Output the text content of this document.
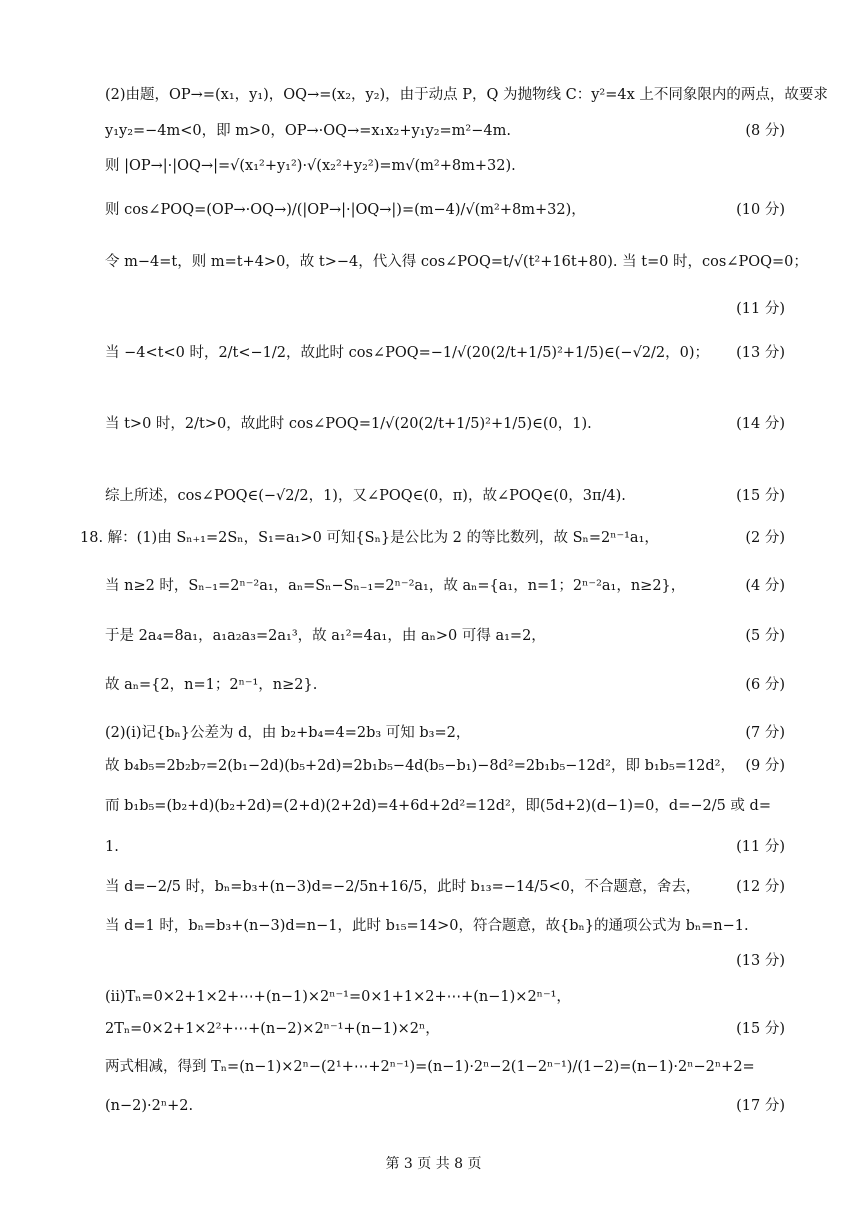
(2)由题，OP→=(x₁，y₁)，OQ→=(x₂，y₂)，由于动点 P，Q 为抛物线 C：y²=4x 上不同象限内的两点，故要求
y₁y₂=−4m<0，即 m>0，OP→·OQ→=x₁x₂+y₁y₂=m²−4m.	(8 分)
则 |OP→|·|OQ→|=√(x₁²+y₁²)·√(x₂²+y₂²)=m√(m²+8m+32).
则 cos∠POQ=(OP→·OQ→)/(|OP→|·|OQ→|)=(m−4)/√(m²+8m+32)，	(10 分)
令 m−4=t，则 m=t+4>0，故 t>−4，代入得 cos∠POQ=t/√(t²+16t+80). 当 t=0 时，cos∠POQ=0；
(11 分)
当 −4<t<0 时，2/t<−1/2，故此时 cos∠POQ=−1/√(20(2/t+1/5)²+1/5)∈(−√2/2，0)； (13 分)
当 t>0 时，2/t>0，故此时 cos∠POQ=1/√(20(2/t+1/5)²+1/5)∈(0，1).	(14 分)
综上所述，cos∠POQ∈(−√2/2，1)，又∠POQ∈(0，π)，故∠POQ∈(0，3π/4).	(15 分)
18. 解：(1)由 Sₙ₊₁=2Sₙ，S₁=a₁>0 可知{Sₙ}是公比为 2 的等比数列，故 Sₙ=2ⁿ⁻¹a₁，	(2 分)
当 n≥2 时，Sₙ₋₁=2ⁿ⁻²a₁，aₙ=Sₙ−Sₙ₋₁=2ⁿ⁻²a₁，故 aₙ={a₁，n=1；2ⁿ⁻²a₁，n≥2}，	(4 分)
于是 2a₄=8a₁，a₁a₂a₃=2a₁³，故 a₁²=4a₁，由 aₙ>0 可得 a₁=2，	(5 分)
故 aₙ={2，n=1；2ⁿ⁻¹，n≥2}.	(6 分)
(2)(ⅰ)记{bₙ}公差为 d，由 b₂+b₄=4=2b₃ 可知 b₃=2，	(7 分)
故 b₄b₅=2b₂b₇=2(b₁−2d)(b₅+2d)=2b₁b₅−4d(b₅−b₁)−8d²=2b₁b₅−12d²，即 b₁b₅=12d²， (9 分)
而 b₁b₅=(b₂+d)(b₂+2d)=(2+d)(2+2d)=4+6d+2d²=12d²，即(5d+2)(d−1)=0，d=−2/5 或 d=
1.	(11 分)
当 d=−2/5 时，bₙ=b₃+(n−3)d=−2/5n+16/5，此时 b₁₃=−14/5<0，不合题意，舍去， (12 分)
当 d=1 时，bₙ=b₃+(n−3)d=n−1，此时 b₁₅=14>0，符合题意，故{bₙ}的通项公式为 bₙ=n−1.
(13 分)
(ⅱ)Tₙ=0×2+1×2+⋯+(n−1)×2ⁿ⁻¹=0×1+1×2+⋯+(n−1)×2ⁿ⁻¹，
2Tₙ=0×2+1×2²+⋯+(n−2)×2ⁿ⁻¹+(n−1)×2ⁿ，	(15 分)
两式相减，得到 Tₙ=(n−1)×2ⁿ−(2¹+⋯+2ⁿ⁻¹)=(n−1)·2ⁿ−2(1−2ⁿ⁻¹)/(1−2)=(n−1)·2ⁿ−2ⁿ+2=
(n−2)·2ⁿ+2.	(17 分)
第 3 页 共 8 页
